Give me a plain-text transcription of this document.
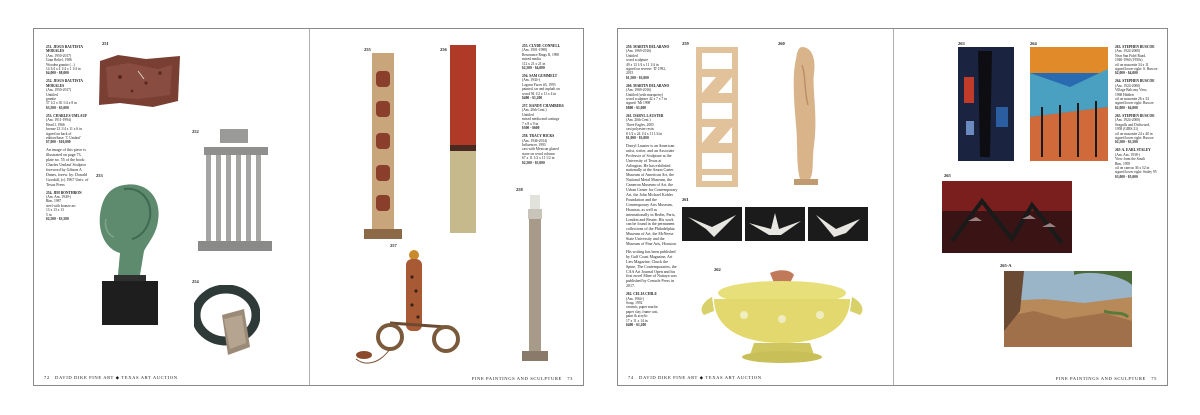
251. JESUS BAUTISTA MORALES
(Am. 1950-2017)
Gran Relief, 1986
Wooden granite (...)
14 3/4 x 4 1/4 x 1 1/4 in
$4,000 - $8,000
252. JESUS BAUTISTA MORALES
(Am. 1950-2017)
Untitled
granite
57 1/2 x 30 1/4 x 8 in
$3,500 - $5,000
253. CHARLES UMLAUF
(Am. 1911-1994)
Head I, 1966
bronze 23 1/4 x 11 x 6 in
signed on back of
edition/base: 'C Umlauf'
$7,000 - $10,000
An image of this piece is illustrated on page 73, plate no. 55 of the book: Charles Umlauf Sculptor foreword by Gibson A Danes, forew. by: Donald Goodall, (c) 1967 Univ. of Texas Press
254. JIM BONTHRON
(Am. Am. 1949-)
Rim, 1987
steel with bronze arc
13 x 13 x 13
5 in
$2,500 - $3,500
251
252
253
254
255	256
257
258
72 DAVID DIKE FINE ART ◆ TEXAS ART AUCTION	FINE PAINTINGS AND SCULPTURE 73
259. MARTIN DELABANO
(Am. 1969-2016)
Untitled
wood sculpture
49 x 13 1/4 x 11 1/4 in
signed on reverse: 'D' 1992,
2015
$1,500 - $3,000
260. MARTIN DELABANO
(Am. 1969-2016)
Untitled (with marquetry)
wood sculpture 42 x 7 x 7 in
signed: 'Mt 1998'
$800 - $1,000
261. DARYL LAUSTER
(Am. 20th Cent.)
Three Eagles, 2005
cast polyester resin
8 1/2 x 24 1/4 x 11 1/4 in
$1,000 - $3,000
Darryl Lauster is an American artist, writer, and an Associate Professor of Sculpture at the University of Texas at Arlington. He has exhibited nationally at the Amon Carter Museum of American Art, the National Metal Museum, the Cameron Museum of Art, the Urban Center for Contemporary Art, the John Michael Kohler Foundation and the Contemporary Arts Museum, Houston, as well as internationally in Berlin, Paris, London and Reuter. His work can be found in the permanent collections of the Philadelphia Museum of Art, the McNeese State University and the Museum of Fine Arts, Houston.
His writing has been published by Gulf Coast Magazine, Art Lies Magazine, Chuck the Spine, The Contemporaries, the CAA Art Journal Open and his first novel Mine of Nattaya was published by Cenacle Press in 2017.
262. CELIA CHILE
(Am. 1964-)
Soup, 1992
ceramic, paper mache,
paper clay, frame cast,
paint & acrylic
17 x 11 x 14 in
$400 - $1,200
263. STEPHEN BUSCOE
(Am. 1924-2000)
Near San Fidel Road,
1940-1960 (1950s)
oil on masonite 34 x 11
signed lower right: S. Buscoe
$2,000 - $4,000
264. STEPHEN BUSCOE
(Am. 1924-2000)
Village Balcony View,
1968 Hidden
oil on masonite 26 x 34
signed lower right: Buscoe
$2,000 - $4,000
265. STEPHEN BUSCOE
(Am. 1924-2000)
Seagulls and Driftwood,
1958 (GIBS 21)
oil on masonite 24 x 40 in
signed lower right: Buscoe
$2,500 - $3,500
265-A. EARL STALEY
(Am. Am. 1938-)
View from the South
Rim, 1995
oil on canvas 36 x 52 in
signed lower right: Staley 95
$3,000 - $5,000
259	260
261
262
263	264
265
265-A
74 DAVID DIKE FINE ART ◆ TEXAS ART AUCTION	FINE PAINTINGS AND SCULPTURE 75
255. CLYDE CONNELL
(Am. 1901-1998)
Resonance Rings II, 1990
mixed media
112 x 21 x 21 in
$2,500 - $4,000
256. SAM GUMMELT
(Am. 1944-)
Lagoon Faces #3, 1993
painted, tar and asphalt on
wood 94 1/2 x 11 x 4 in
$400 - $1,200
257. RANDY CHAMBERS
(Am. 20th Cent.)
Untitled
mixed media and castings
7 x 8 x 9 in
$300 - $600
258. TRACY HICKS
(Am. 1946-2014)
Influencer, 1993
cast with Mexican glazed
stone on wood column
67 x 11 1/2 x 11 1/2 in
$2,500 - $5,000
